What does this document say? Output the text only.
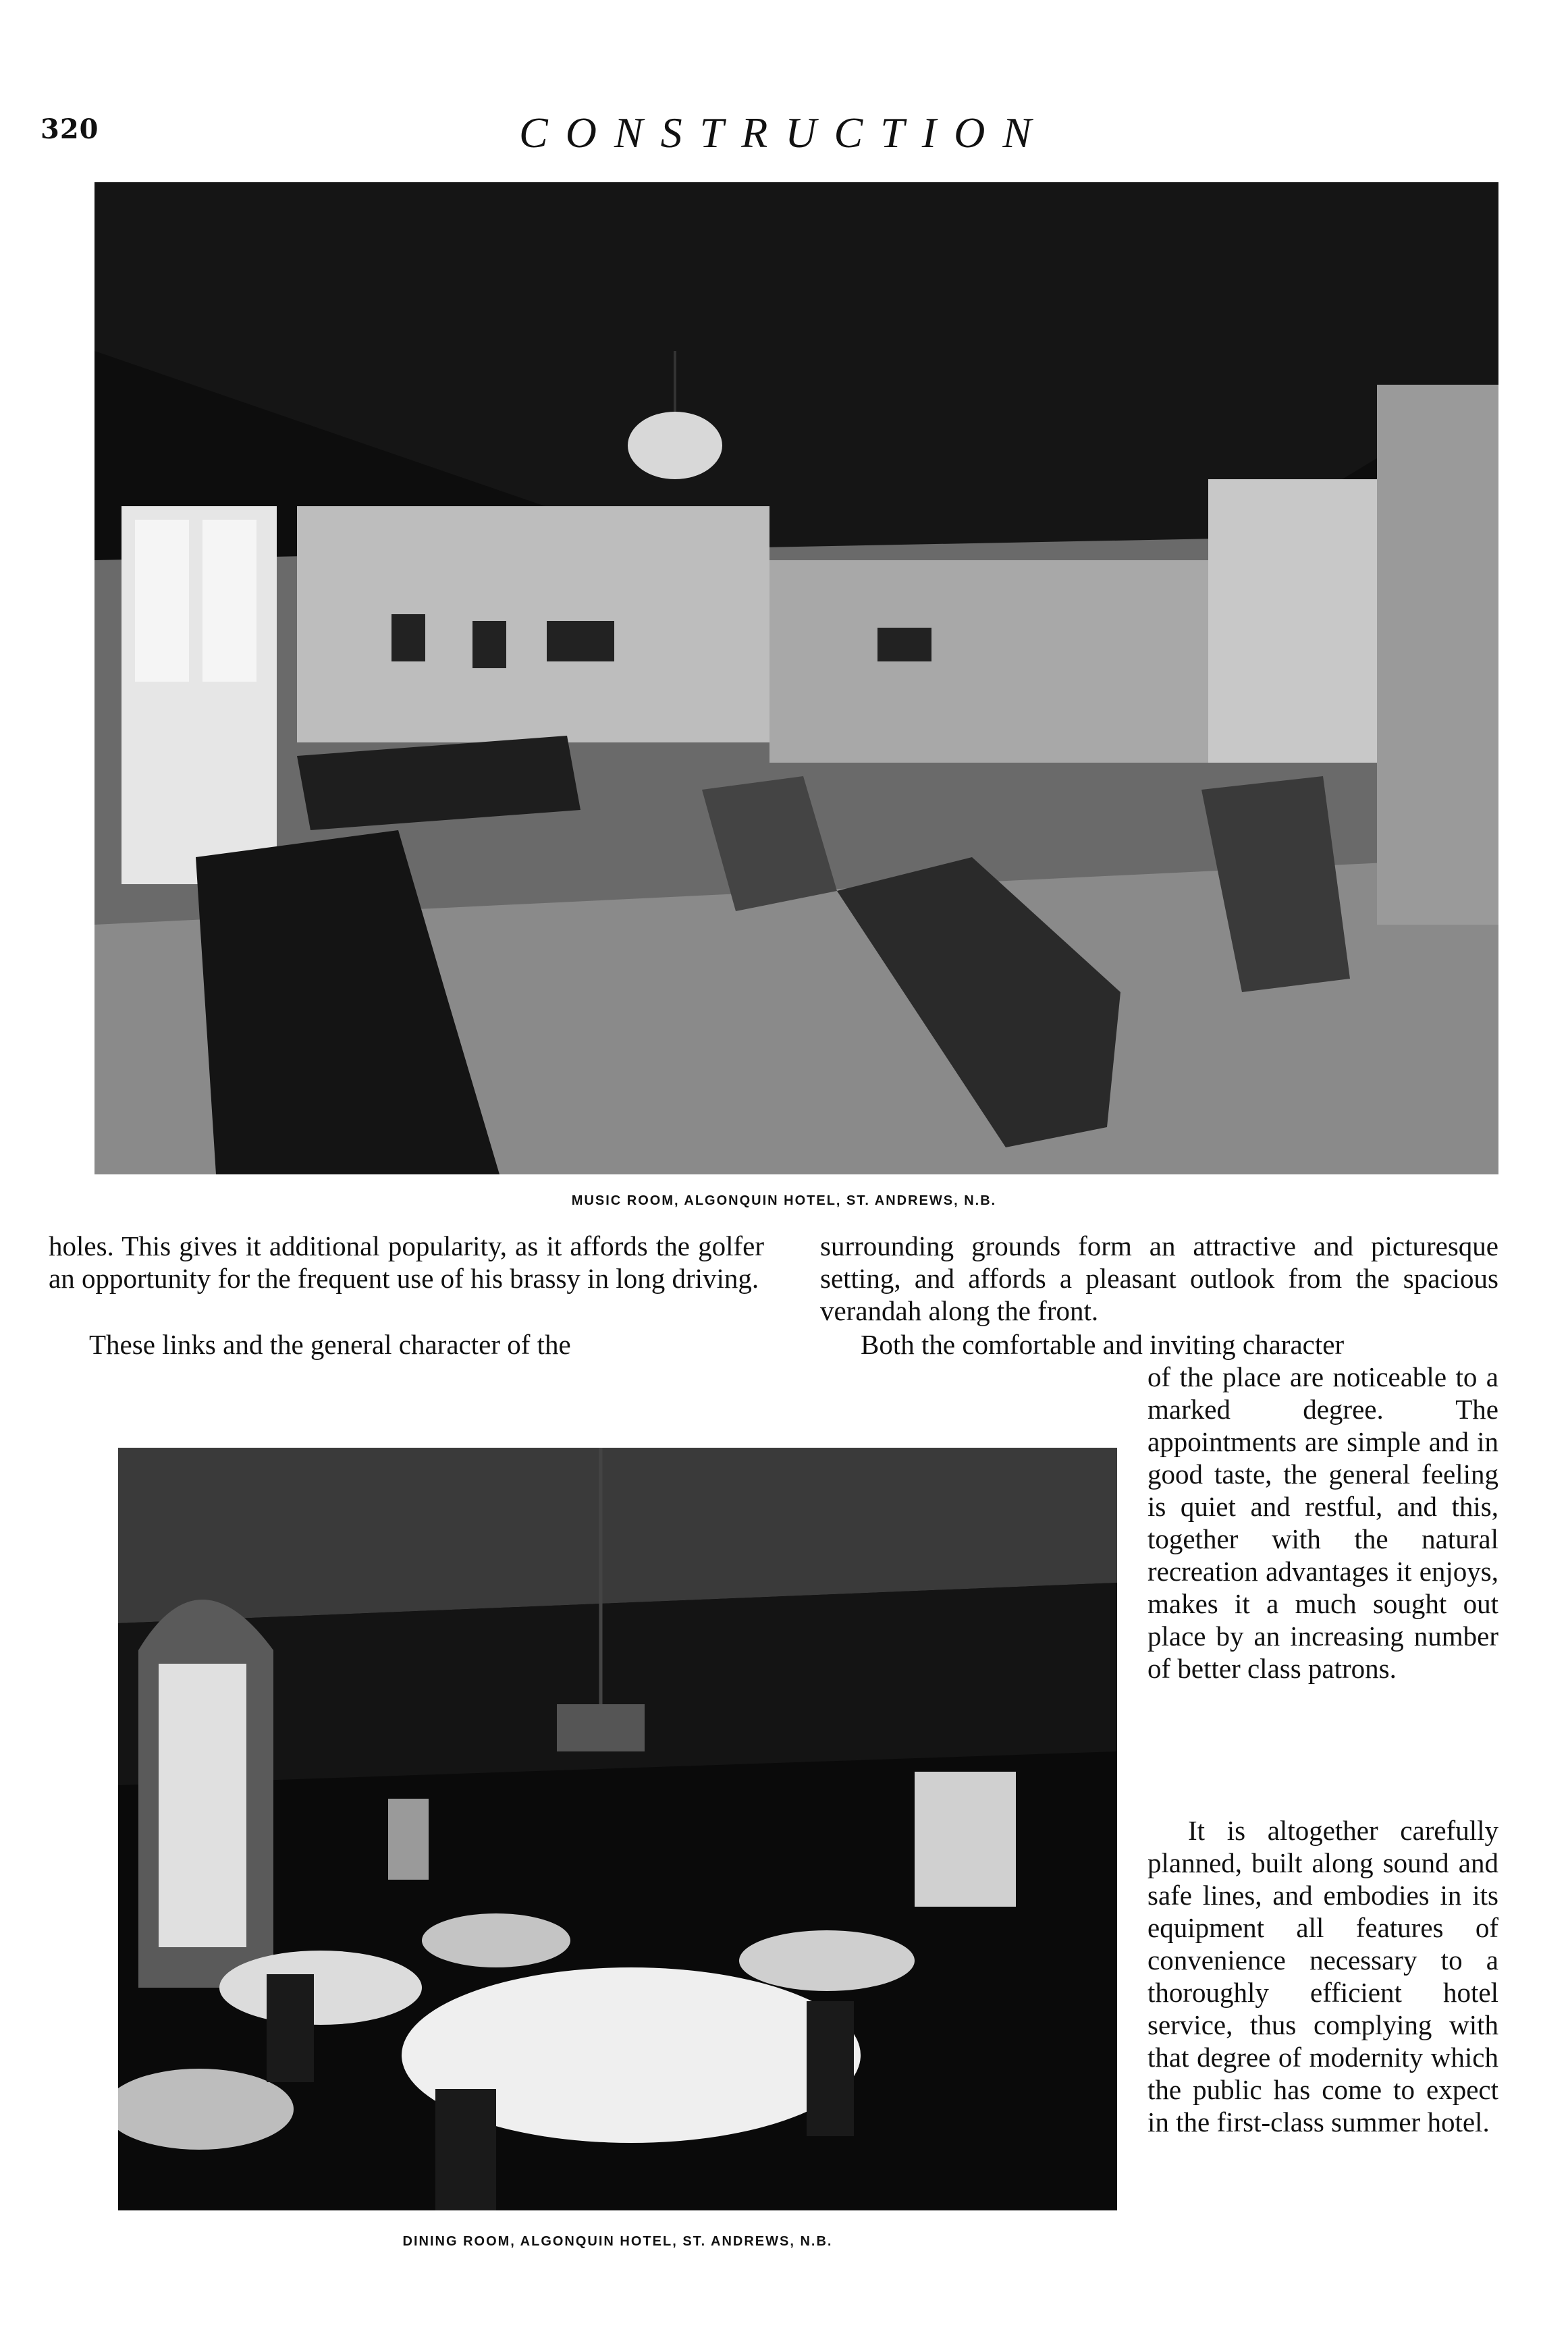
320	CONSTRUCTION
MUSIC ROOM, ALGONQUIN HOTEL, ST. ANDREWS, N.B.

holes. This gives it additional popularity, as it affords the golfer an opportunity for the frequent use of his brassy in long driving.

These links and the general character of the

surrounding grounds form an attractive and picturesque setting, and affords a pleasant outlook from the spacious verandah along the front.

Both the comfortable and inviting character

of the place are noticeable to a marked degree. The appointments are simple and in good taste, the general feeling is quiet and restful, and this, together with the natural recreation advantages it enjoys, makes it a much sought out place by an increasing number of better class patrons.

It is altogether carefully planned, built along sound and safe lines, and embodies in its equipment all features of convenience necessary to a thoroughly efficient hotel service, thus complying with that degree of modernity which the public has come to expect in the first-class summer hotel.

DINING ROOM, ALGONQUIN HOTEL, ST. ANDREWS, N.B.
